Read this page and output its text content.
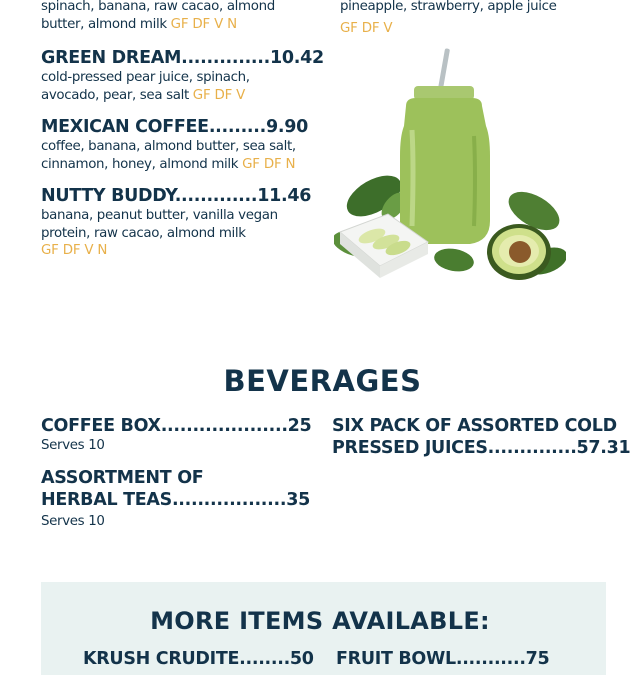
spinach, banana, raw cacao, almond
butter, almond milk GF DF V N
pineapple, strawberry, apple juice
GF DF V
GREEN DREAM..............10.42
cold-pressed pear juice, spinach,
avocado, pear, sea salt GF DF V
MEXICAN COFFEE.........9.90
coffee, banana, almond butter, sea salt,
cinnamon, honey, almond milk GF DF N
NUTTY BUDDY.............11.46
banana, peanut butter, vanilla vegan
protein, raw cacao, almond milk
GF DF V N
BEVERAGES
COFFEE BOX....................25
Serves 10
ASSORTMENT OF
HERBAL TEAS..................35
Serves 10
SIX PACK OF ASSORTED COLD
PRESSED JUICES..............57.31
MORE ITEMS AVAILABLE:
KRUSH CRUDITE........50 FRUIT BOWL...........75
